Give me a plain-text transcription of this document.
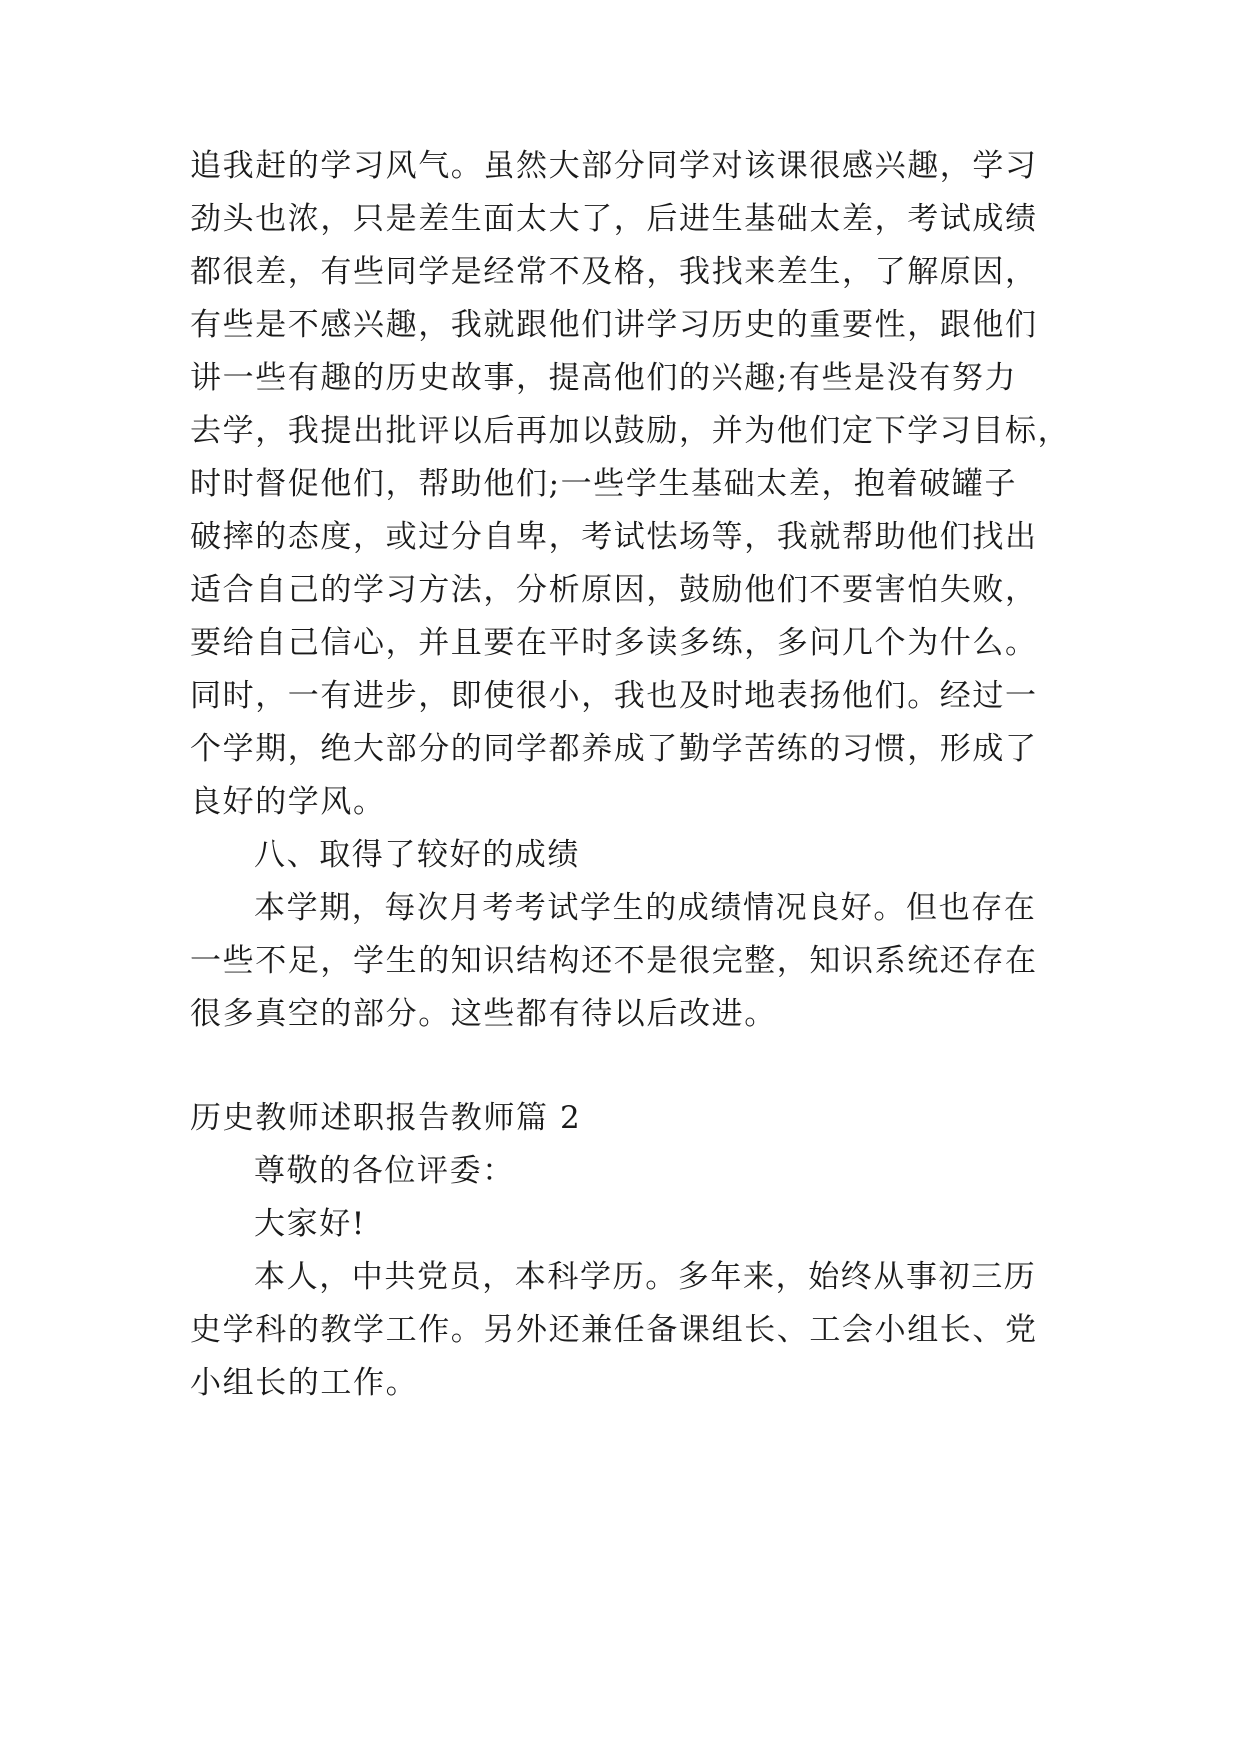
追我赶的学习风气。虽然大部分同学对该课很感兴趣，学习
劲头也浓，只是差生面太大了，后进生基础太差，考试成绩
都很差，有些同学是经常不及格，我找来差生，了解原因，
有些是不感兴趣，我就跟他们讲学习历史的重要性，跟他们
讲一些有趣的历史故事，提高他们的兴趣;有些是没有努力
去学，我提出批评以后再加以鼓励，并为他们定下学习目标，
时时督促他们，帮助他们;一些学生基础太差，抱着破罐子
破摔的态度，或过分自卑，考试怯场等，我就帮助他们找出
适合自己的学习方法，分析原因，鼓励他们不要害怕失败，
要给自己信心，并且要在平时多读多练，多问几个为什么。
同时，一有进步，即使很小，我也及时地表扬他们。经过一
个学期，绝大部分的同学都养成了勤学苦练的习惯，形成了
良好的学风。
八、取得了较好的成绩
本学期，每次月考考试学生的成绩情况良好。但也存在
一些不足，学生的知识结构还不是很完整，知识系统还存在
很多真空的部分。这些都有待以后改进。
历史教师述职报告教师篇 2
尊敬的各位评委：
大家好!
本人，中共党员，本科学历。多年来，始终从事初三历
史学科的教学工作。另外还兼任备课组长、工会小组长、党
小组长的工作。
